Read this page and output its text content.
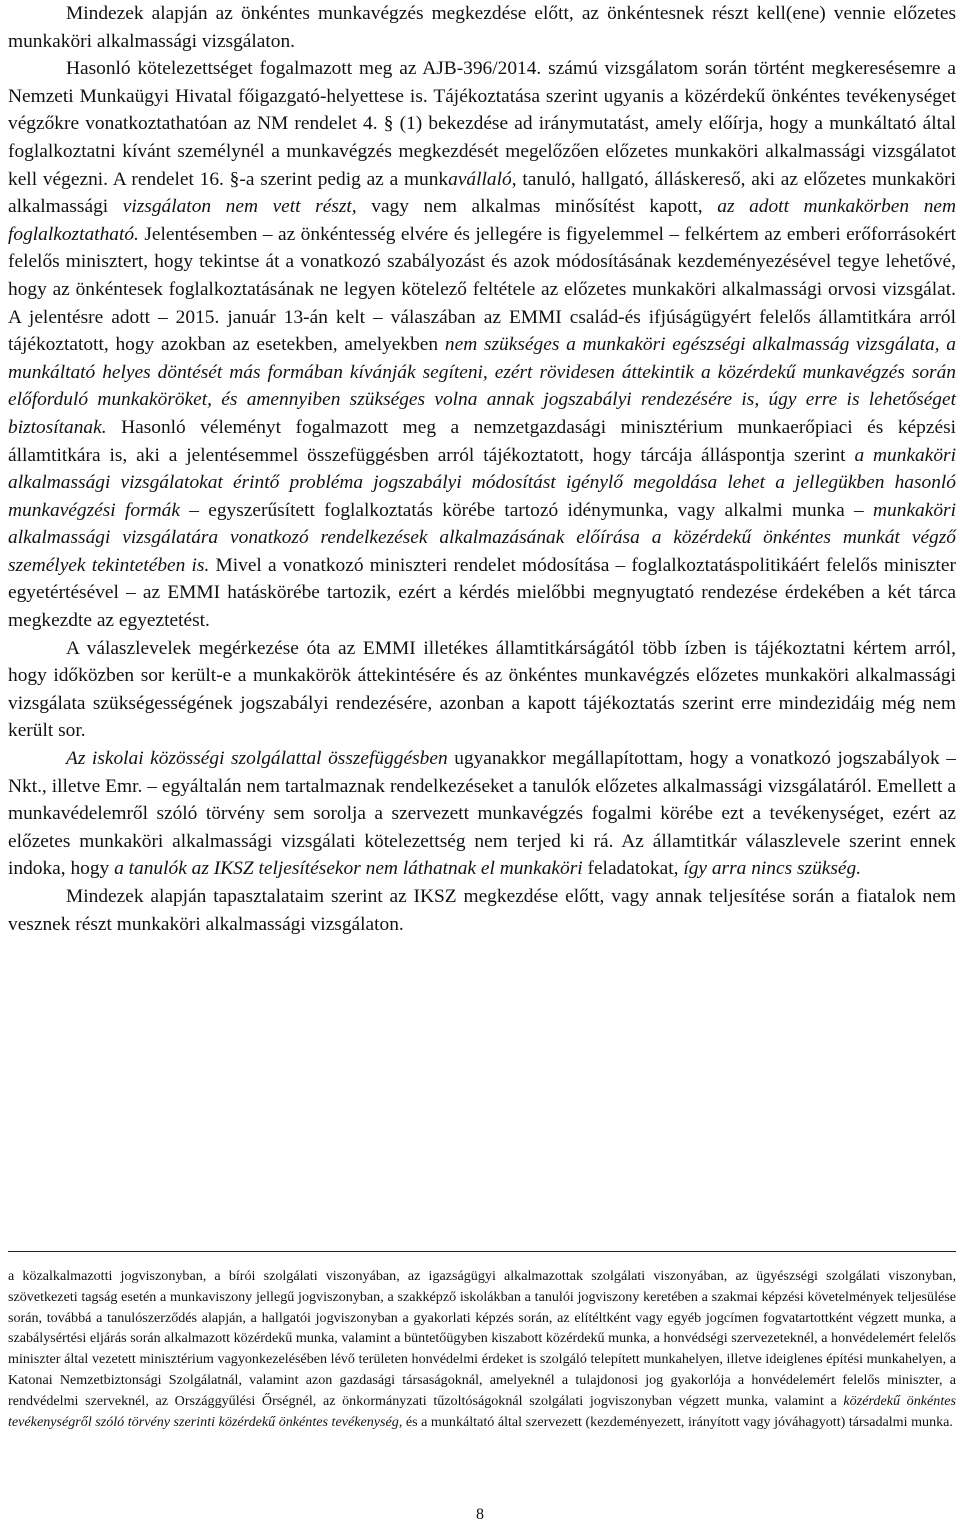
Mindezek alapján az önkéntes munkavégzés megkezdése előtt, az önkéntesnek részt kell(ene) vennie előzetes munkaköri alkalmassági vizsgálaton.

Hasonló kötelezettséget fogalmazott meg az AJB-396/2014. számú vizsgálatom során történt megkeresésemre a Nemzeti Munkaügyi Hivatal főigazgató-helyettese is. Tájékoztatása szerint ugyanis a közérdekű önkéntes tevékenységet végzőkre vonatkoztathatóan az NM rendelet 4. § (1) bekezdése ad iránymutatást, amely előírja, hogy a munkáltató által foglalkoztatni kívánt személynél a munkavégzés megkezdését megelőzően előzetes munkaköri alkalmassági vizsgálatot kell végezni. A rendelet 16. §-a szerint pedig az a munkavállaló, tanuló, hallgató, álláskereső, aki az előzetes munkaköri alkalmassági vizsgálaton nem vett részt, vagy nem alkalmas minősítést kapott, az adott munkakörben nem foglalkoztatható. Jelentésemben – az önkéntesség elvére és jellegére is figyelemmel – felkértem az emberi erőforrásokért felelős minisztert, hogy tekintse át a vonatkozó szabályozást és azok módosításának kezdeményezésével tegye lehetővé, hogy az önkéntesek foglalkoztatásának ne legyen kötelező feltétele az előzetes munkaköri alkalmassági orvosi vizsgálat. A jelentésre adott – 2015. január 13-án kelt – válaszában az EMMI család-és ifjúságügyért felelős államtitkára arról tájékoztatott, hogy azokban az esetekben, amelyekben nem szükséges a munkaköri egészségi alkalmasság vizsgálata, a munkáltató helyes döntését más formában kívánják segíteni, ezért rövidesen áttekintik a közérdekű munkavégzés során előforduló munkaköröket, és amennyiben szükséges volna annak jogszabályi rendezésére is, úgy erre is lehetőséget biztosítanak. Hasonló véleményt fogalmazott meg a nemzetgazdasági minisztérium munkaerőpiaci és képzési államtitkára is, aki a jelentésemmel összefüggésben arról tájékoztatott, hogy tárcája álláspontja szerint a munkaköri alkalmassági vizsgálatokat érintő probléma jogszabályi módosítást igénylő megoldása lehet a jellegükben hasonló munkavégzési formák – egyszerűsített foglalkoztatás körébe tartozó idénymunka, vagy alkalmi munka – munkaköri alkalmassági vizsgálatára vonatkozó rendelkezések alkalmazásának előírása a közérdekű önkéntes munkát végző személyek tekintetében is. Mivel a vonatkozó miniszteri rendelet módosítása – foglalkoztatáspolitikáért felelős miniszter egyetértésével – az EMMI hatáskörébe tartozik, ezért a kérdés mielőbbi megnyugtató rendezése érdekében a két tárca megkezdte az egyeztetést.

A válaszlevelek megérkezése óta az EMMI illetékes államtitkárságától több ízben is tájékoztatni kértem arról, hogy időközben sor került-e a munkakörök áttekintésére és az önkéntes munkavégzés előzetes munkaköri alkalmassági vizsgálata szükségességének jogszabályi rendezésére, azonban a kapott tájékoztatás szerint erre mindezidáig még nem került sor.

Az iskolai közösségi szolgálattal összefüggésben ugyanakkor megállapítottam, hogy a vonatkozó jogszabályok – Nkt., illetve Emr. – egyáltalán nem tartalmaznak rendelkezéseket a tanulók előzetes alkalmassági vizsgálatáról. Emellett a munkavédelemről szóló törvény sem sorolja a szervezett munkavégzés fogalmi körébe ezt a tevékenységet, ezért az előzetes munkaköri alkalmassági vizsgálati kötelezettség nem terjed ki rá. Az államtitkár válaszlevele szerint ennek indoka, hogy a tanulók az IKSZ teljesítésekor nem láthatnak el munkaköri feladatokat, így arra nincs szükség.

Mindezek alapján tapasztalataim szerint az IKSZ megkezdése előtt, vagy annak teljesítése során a fiatalok nem vesznek részt munkaköri alkalmassági vizsgálaton.

a közalkalmazotti jogviszonyban, a bírói szolgálati viszonyában, az igazságügyi alkalmazottak szolgálati viszonyában, az ügyészségi szolgálati viszonyban, szövetkezeti tagság esetén a munkaviszony jellegű jogviszonyban, a szakképző iskolákban a tanulói jogviszony keretében a szakmai képzési követelmények teljesülése során, továbbá a tanulószerződés alapján, a hallgatói jogviszonyban a gyakorlati képzés során, az elítéltként vagy egyéb jogcímen fogvatartottként végzett munka, a szabálysértési eljárás során alkalmazott közérdekű munka, valamint a büntetőügyben kiszabott közérdekű munka, a honvédségi szervezeteknél, a honvédelemért felelős miniszter által vezetett minisztérium vagyonkezelésében lévő területen honvédelmi érdeket is szolgáló telepített munkahelyen, illetve ideiglenes építési munkahelyen, a Katonai Nemzetbiztonsági Szolgálatnál, valamint azon gazdasági társaságoknál, amelyeknél a tulajdonosi jog gyakorlója a honvédelemért felelős miniszter, a rendvédelmi szerveknél, az Országgyűlési Őrségnél, az önkormányzati tűzoltóságoknál szolgálati jogviszonyban végzett munka, valamint a közérdekű önkéntes tevékenységről szóló törvény szerinti közérdekű önkéntes tevékenység, és a munkáltató által szervezett (kezdeményezett, irányított vagy jóváhagyott) társadalmi munka.
8
